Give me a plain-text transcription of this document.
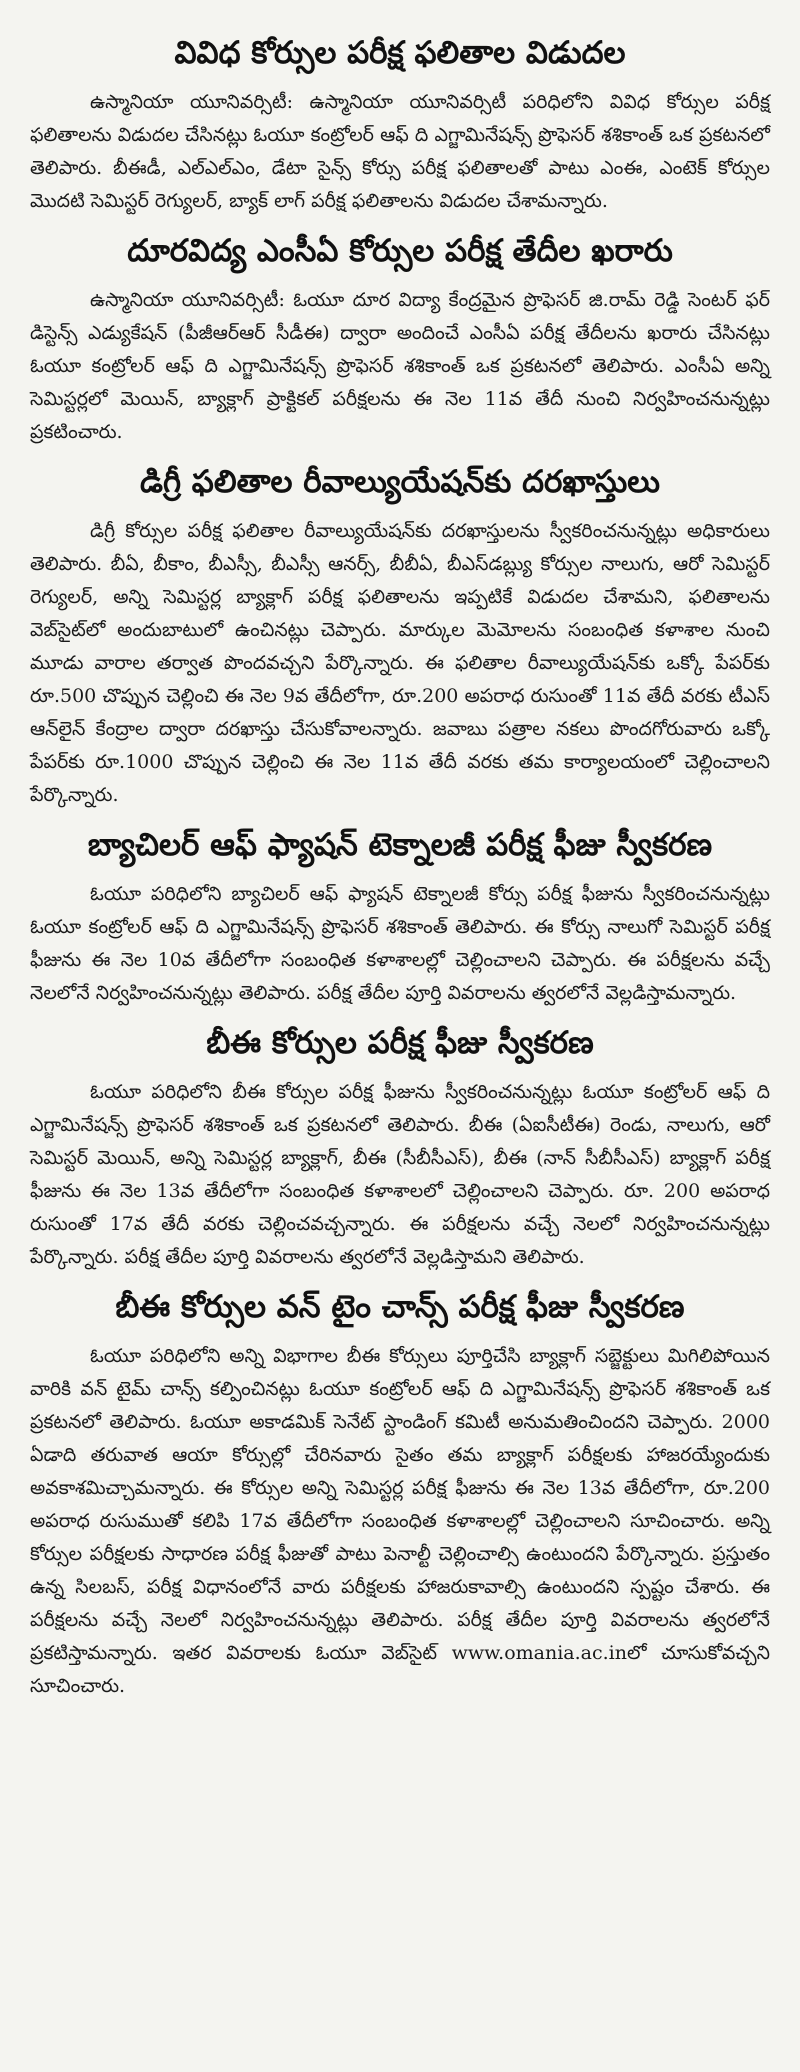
వివిధ కోర్సుల పరీక్ష ఫలితాల విడుదల

ఉస్మానియా యూనివర్సిటీ: ఉస్మానియా యూనివర్సిటీ పరిధిలోని వివిధ కోర్సుల పరీక్ష ఫలితాలను విడుదల చేసినట్లు ఓయూ కంట్రోలర్ ఆఫ్ ది ఎగ్జామినేషన్స్ ప్రొఫెసర్ శశికాంత్ ఒక ప్రకటనలో తెలిపారు. బీఈడీ, ఎల్ఎల్ఎం, డేటా సైన్స్ కోర్సు పరీక్ష ఫలితాలతో పాటు ఎంఈ, ఎంటెక్ కోర్సుల మొదటి సెమిస్టర్ రెగ్యులర్, బ్యాక్ లాగ్ పరీక్ష ఫలితాలను విడుదల చేశామన్నారు.

దూరవిద్య ఎంసీఏ కోర్సుల పరీక్ష తేదీల ఖరారు

ఉస్మానియా యూనివర్సిటీ: ఓయూ దూర విద్యా కేంద్రమైన ప్రొఫెసర్ జి.రామ్ రెడ్డి సెంటర్ ఫర్ డిస్టెన్స్ ఎడ్యుకేషన్ (పీజీఆర్ఆర్ సీడీఈ) ద్వారా అందించే ఎంసీఏ పరీక్ష తేదీలను ఖరారు చేసినట్లు ఓయూ కంట్రోలర్ ఆఫ్ ది ఎగ్జామినేషన్స్ ప్రొఫెసర్ శశికాంత్ ఒక ప్రకటనలో తెలిపారు. ఎంసీఏ అన్ని సెమిస్టర్లలో మెయిన్, బ్యాక్లాగ్ ప్రాక్టికల్ పరీక్షలను ఈ నెల 11వ తేదీ నుంచి నిర్వహించనున్నట్లు ప్రకటించారు.

డిగ్రీ ఫలితాల రీవాల్యుయేషన్‌కు దరఖాస్తులు

డిగ్రీ కోర్సుల పరీక్ష ఫలితాల రీవాల్యుయేషన్‌కు దరఖాస్తులను స్వీకరించనున్నట్లు అధికారులు తెలిపారు. బీఏ, బీకాం, బీఎస్సీ, బీఎస్సీ ఆనర్స్, బీబీఏ, బీఎస్‌డబ్ల్యు కోర్సుల నాలుగు, ఆరో సెమిస్టర్ రెగ్యులర్, అన్ని సెమిస్టర్ల బ్యాక్లాగ్ పరీక్ష ఫలితాలను ఇప్పటికే విడుదల చేశామని, ఫలితాలను వెబ్‌సైట్‌లో అందుబాటులో ఉంచినట్లు చెప్పారు. మార్కుల మెమోలను సంబంధిత కళాశాల నుంచి మూడు వారాల తర్వాత పొందవచ్చని పేర్కొన్నారు. ఈ ఫలితాల రీవాల్యుయేషన్‌కు ఒక్కో పేపర్‌కు రూ.500 చొప్పున చెల్లించి ఈ నెల 9వ తేదీలోగా, రూ.200 అపరాధ రుసుంతో 11వ తేదీ వరకు టీఎస్ ఆన్‌లైన్ కేంద్రాల ద్వారా దరఖాస్తు చేసుకోవాలన్నారు. జవాబు పత్రాల నకలు పొందగోరువారు ఒక్కో పేపర్‌కు రూ.1000 చొప్పున చెల్లించి ఈ నెల 11వ తేదీ వరకు తమ కార్యాలయంలో చెల్లించాలని పేర్కొన్నారు.

బ్యాచిలర్ ఆఫ్ ఫ్యాషన్ టెక్నాలజీ పరీక్ష ఫీజు స్వీకరణ

ఓయూ పరిధిలోని బ్యాచిలర్ ఆఫ్ ఫ్యాషన్ టెక్నాలజీ కోర్సు పరీక్ష ఫీజును స్వీకరించనున్నట్లు ఓయూ కంట్రోలర్ ఆఫ్ ది ఎగ్జామినేషన్స్ ప్రొఫెసర్ శశికాంత్ తెలిపారు. ఈ కోర్సు నాలుగో సెమిస్టర్ పరీక్ష ఫీజును ఈ నెల 10వ తేదీలోగా సంబంధిత కళాశాలల్లో చెల్లించాలని చెప్పారు. ఈ పరీక్షలను వచ్చే నెలలోనే నిర్వహించనున్నట్లు తెలిపారు. పరీక్ష తేదీల పూర్తి వివరాలను త్వరలోనే వెల్లడిస్తామన్నారు.

బీఈ కోర్సుల పరీక్ష ఫీజు స్వీకరణ

ఓయూ పరిధిలోని బీఈ కోర్సుల పరీక్ష ఫీజును స్వీకరించనున్నట్లు ఓయూ కంట్రోలర్ ఆఫ్ ది ఎగ్జామినేషన్స్ ప్రొఫెసర్ శశికాంత్ ఒక ప్రకటనలో తెలిపారు. బీఈ (ఏఐసీటీఈ) రెండు, నాలుగు, ఆరో సెమిస్టర్ మెయిన్, అన్ని సెమిస్టర్ల బ్యాక్లాగ్, బీఈ (సీబీసీఎస్), బీఈ (నాన్ సీబీసీఎస్) బ్యాక్లాగ్ పరీక్ష ఫీజును ఈ నెల 13వ తేదీలోగా సంబంధిత కళాశాలలో చెల్లించాలని చెప్పారు. రూ. 200 అపరాధ రుసుంతో 17వ తేదీ వరకు చెల్లించవచ్చన్నారు. ఈ పరీక్షలను వచ్చే నెలలో నిర్వహించనున్నట్లు పేర్కొన్నారు. పరీక్ష తేదీల పూర్తి వివరాలను త్వరలోనే వెల్లడిస్తామని తెలిపారు.

బీఈ కోర్సుల వన్ టైం చాన్స్ పరీక్ష ఫీజు స్వీకరణ

ఓయూ పరిధిలోని అన్ని విభాగాల బీఈ కోర్సులు పూర్తిచేసి బ్యాక్లాగ్ సబ్జెక్టులు మిగిలిపోయిన వారికి వన్ టైమ్ చాన్స్ కల్పించినట్లు ఓయూ కంట్రోలర్ ఆఫ్ ది ఎగ్జామినేషన్స్ ప్రొఫెసర్ శశికాంత్ ఒక ప్రకటనలో తెలిపారు. ఓయూ అకాడమిక్ సెనేట్ స్టాండింగ్ కమిటీ అనుమతించిందని చెప్పారు. 2000 ఏడాది తరువాత ఆయా కోర్సుల్లో చేరినవారు సైతం తమ బ్యాక్లాగ్ పరీక్షలకు హాజరయ్యేందుకు అవకాశమిచ్చామన్నారు. ఈ కోర్సుల అన్ని సెమిస్టర్ల పరీక్ష ఫీజును ఈ నెల 13వ తేదీలోగా, రూ.200 అపరాధ రుసుముతో కలిపి 17వ తేదీలోగా సంబంధిత కళాశాలల్లో చెల్లించాలని సూచించారు. అన్ని కోర్సుల పరీక్షలకు సాధారణ పరీక్ష ఫీజుతో పాటు పెనాల్టీ చెల్లించాల్సి ఉంటుందని పేర్కొన్నారు. ప్రస్తుతం ఉన్న సిలబస్, పరీక్ష విధానంలోనే వారు పరీక్షలకు హాజరుకావాల్సి ఉంటుందని స్పష్టం చేశారు. ఈ పరీక్షలను వచ్చే నెలలో నిర్వహించనున్నట్లు తెలిపారు. పరీక్ష తేదీల పూర్తి వివరాలను త్వరలోనే ప్రకటిస్తామన్నారు. ఇతర వివరాలకు ఓయూ వెబ్‌సైట్ www.omania.ac.inలో చూసుకోవచ్చని సూచించారు.
